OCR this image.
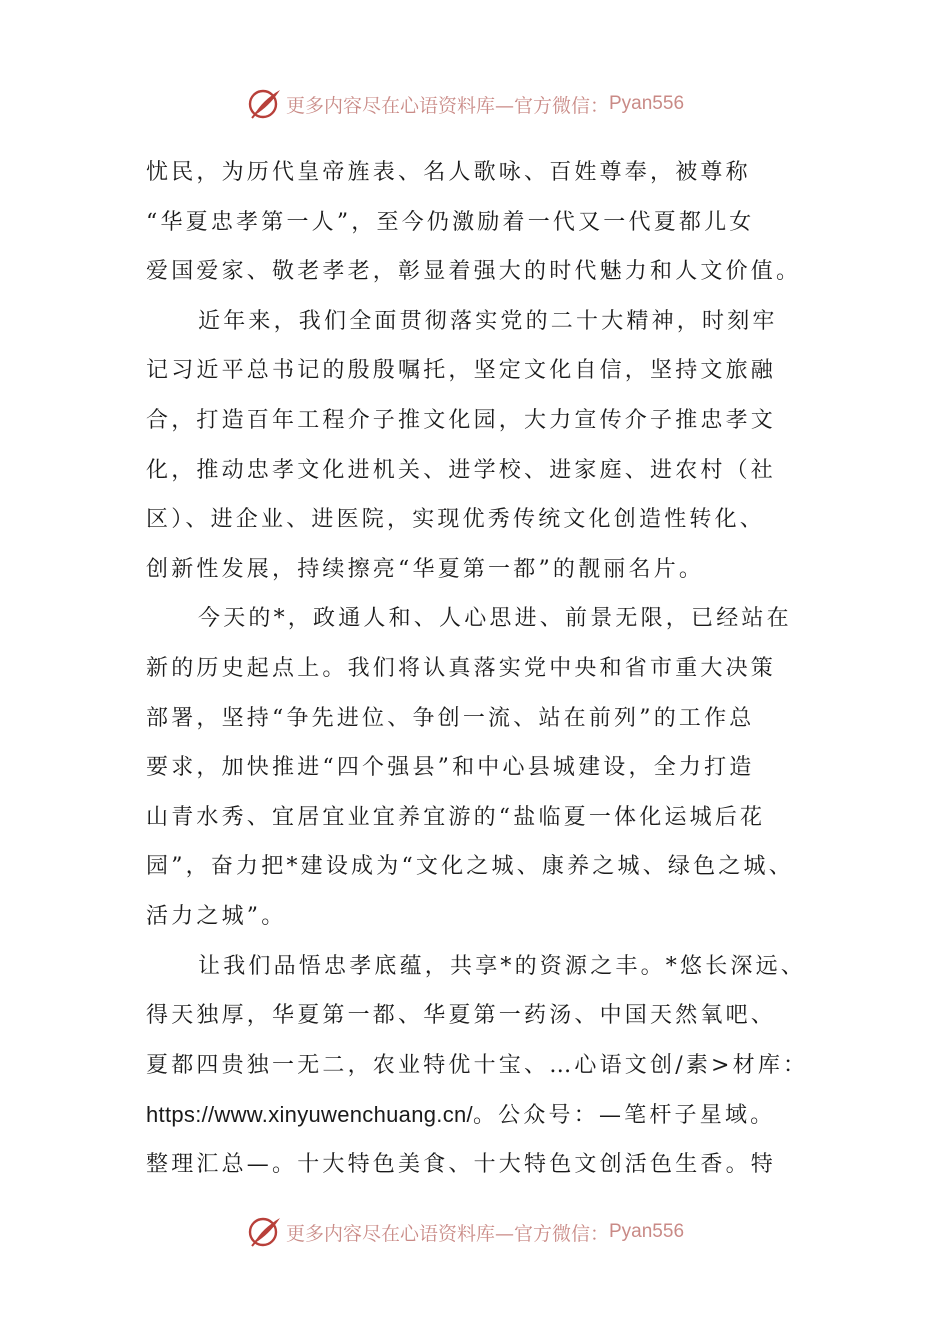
更多内容尽在心语资料库—官方微信： Pyan556
忧民，为历代皇帝旌表、名人歌咏、百姓尊奉，被尊称
“华夏忠孝第一人”，至今仍激励着一代又一代夏都儿女
爱国爱家、敬老孝老，彰显着强大的时代魅力和人文价值。
近年来，我们全面贯彻落实党的二十大精神，时刻牢
记习近平总书记的殷殷嘱托，坚定文化自信，坚持文旅融
合，打造百年工程介子推文化园，大力宣传介子推忠孝文
化，推动忠孝文化进机关、进学校、进家庭、进农村（社
区）、进企业、进医院，实现优秀传统文化创造性转化、
创新性发展，持续擦亮“华夏第一都”的靓丽名片。
今天的*，政通人和、人心思进、前景无限，已经站在
新的历史起点上。我们将认真落实党中央和省市重大决策
部署，坚持“争先进位、争创一流、站在前列”的工作总
要求，加快推进“四个强县”和中心县城建设，全力打造
山青水秀、宜居宜业宜养宜游的“盐临夏一体化运城后花
园”，奋力把*建设成为“文化之城、康养之城、绿色之城、
活力之城”。
让我们品悟忠孝底蕴，共享*的资源之丰。*悠长深远、
得天独厚，华夏第一都、华夏第一药汤、中国天然氧吧、
夏都四贵独一无二，农业特优十宝、…心语文创/素>材库：
https://www.xinyuwenchuang.cn/。公众号：—笔杆子星域。
整理汇总—。十大特色美食、十大特色文创活色生香。特
更多内容尽在心语资料库—官方微信： Pyan556
